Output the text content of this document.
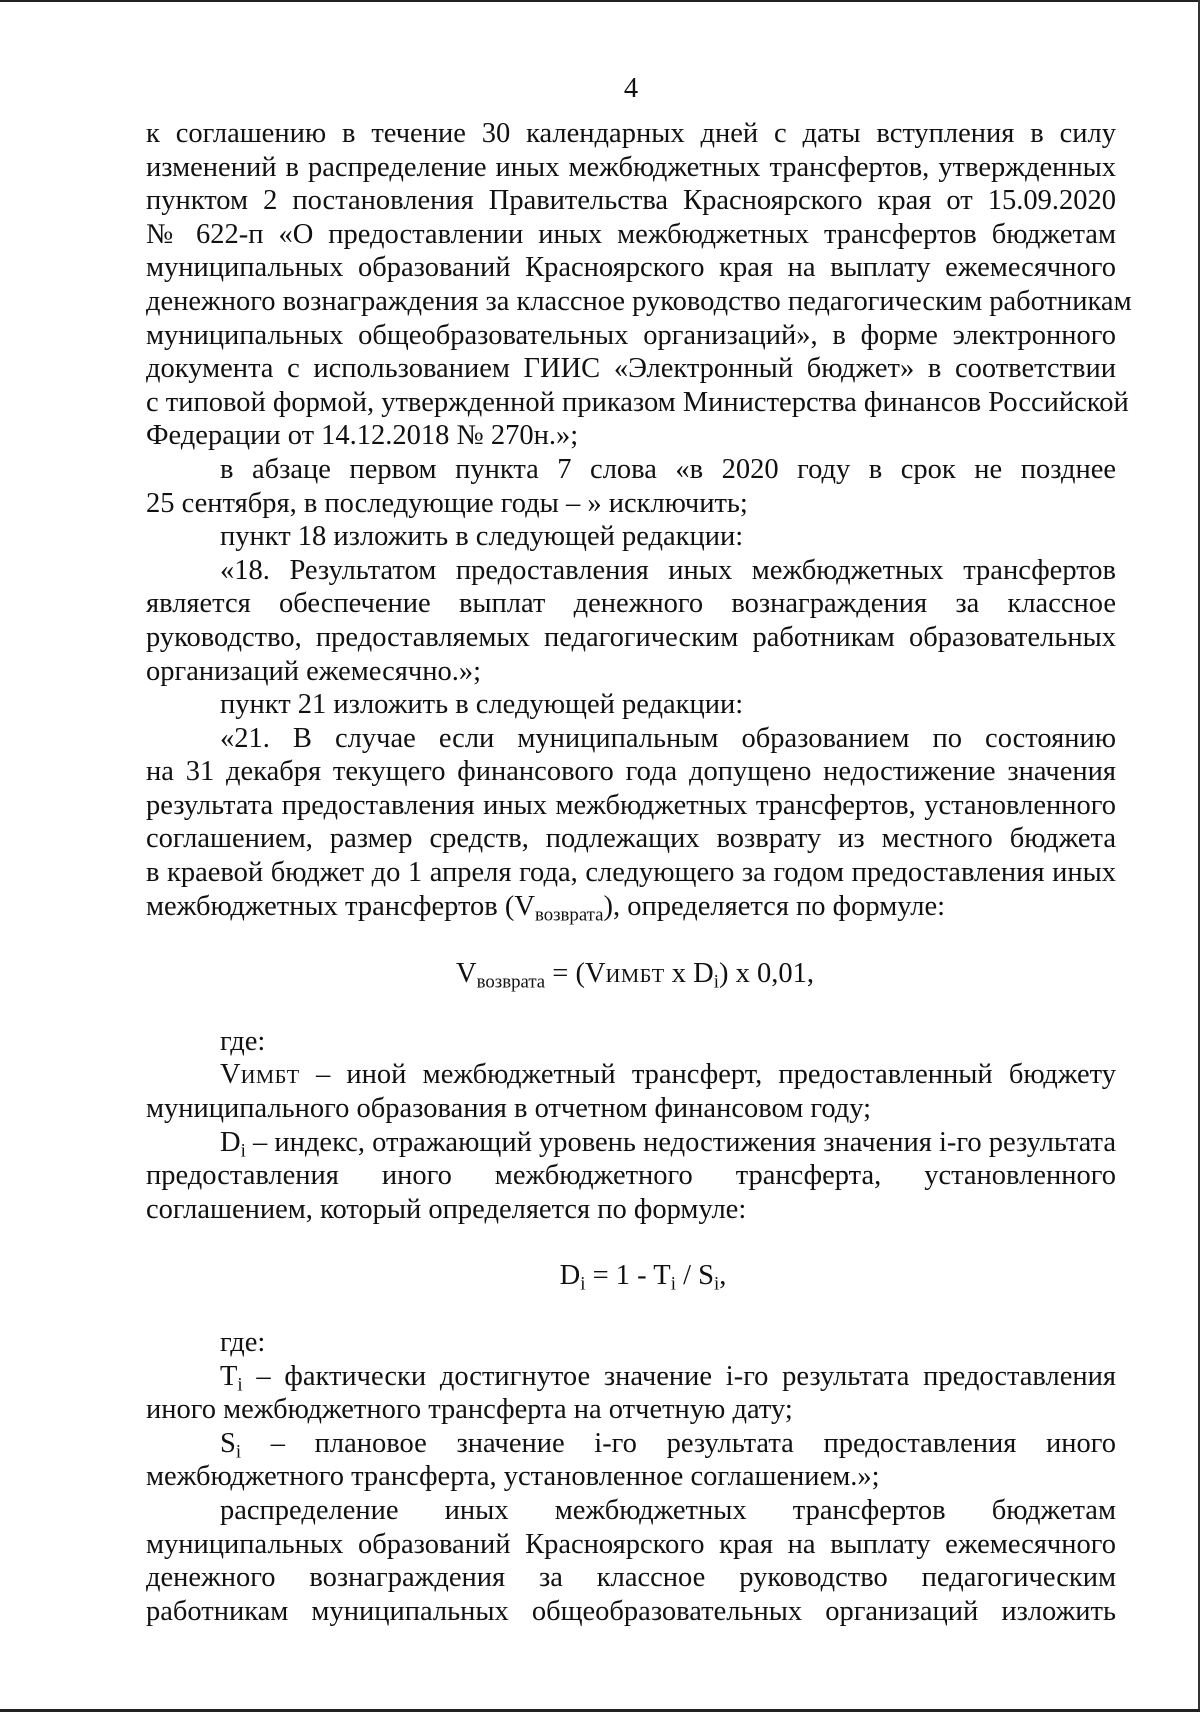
4
к соглашению в течение 30 календарных дней с даты вступления в силу
изменений в распределение иных межбюджетных трансфертов, утвержденных
пунктом 2 постановления Правительства Красноярского края от 15.09.2020
№ 622-п «О предоставлении иных межбюджетных трансфертов бюджетам
муниципальных образований Красноярского края на выплату ежемесячного
денежного вознаграждения за классное руководство педагогическим работникам
муниципальных общеобразовательных организаций», в форме электронного
документа с использованием ГИИС «Электронный бюджет» в соответствии
с типовой формой, утвержденной приказом Министерства финансов Российской
Федерации от 14.12.2018 № 270н.»;
в абзаце первом пункта 7 слова «в 2020 году в срок не позднее
25 сентября, в последующие годы – » исключить;
пункт 18 изложить в следующей редакции:
«18. Результатом предоставления иных межбюджетных трансфертов
является обеспечение выплат денежного вознаграждения за классное
руководство, предоставляемых педагогическим работникам образовательных
организаций ежемесячно.»;
пункт 21 изложить в следующей редакции:
«21. В случае если муниципальным образованием по состоянию
на 31 декабря текущего финансового года допущено недостижение значения
результата предоставления иных межбюджетных трансфертов, установленного
соглашением, размер средств, подлежащих возврату из местного бюджета
в краевой бюджет до 1 апреля года, следующего за годом предоставления иных
межбюджетных трансфертов $(V_{возврата})$, определяется по формуле:
$V_{возврата}$ = (VИМБТ x $D_i$) x 0,01,
где:
VИМБТ – иной межбюджетный трансферт, предоставленный бюджету
муниципального образования в отчетном финансовом году;
$D_i$ – индекс, отражающий уровень недостижения значения i-го результата
предоставления иного межбюджетного трансферта, установленного
соглашением, который определяется по формуле:
$D_i = 1 - T_i / S_i$,
где:
$T_i$ – фактически достигнутое значение i-го результата предоставления
иного межбюджетного трансферта на отчетную дату;
$S_i$ – плановое значение i-го результата предоставления иного
межбюджетного трансферта, установленное соглашением.»;
распределение иных межбюджетных трансфертов бюджетам
муниципальных образований Красноярского края на выплату ежемесячного
денежного вознаграждения за классное руководство педагогическим
работникам муниципальных общеобразовательных организаций изложить
